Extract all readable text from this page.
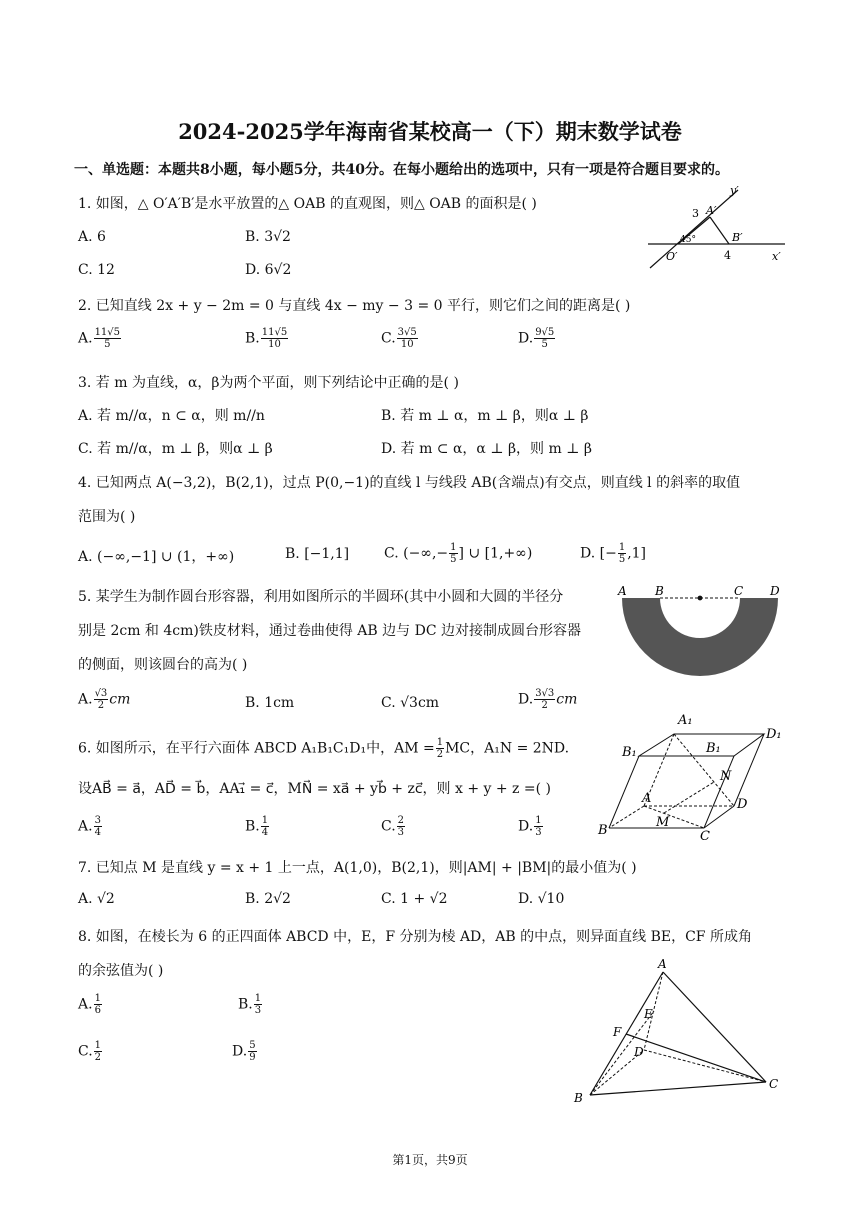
2024-2025学年海南省某校高一（下）期末数学试卷
一、单选题：本题共8小题，每小题5分，共40分。在每小题给出的选项中，只有一项是符合题目要求的。
1. 如图，△ O′A′B′是水平放置的△ OAB 的直观图，则△ OAB 的面积是( )
A. 6	B. 3√2
C. 12	D. 6√2
y′
x′
O′
A′
B′
3
4
45°
2. 已知直线 2x + y − 2m = 0 与直线 4x − my − 3 = 0 平行，则它们之间的距离是( )
A. $\frac{11√5}{5}$	B. $\frac{11√5}{10}$	C. $\frac{3√5}{10}$	D. $\frac{9√5}{5}$
3. 若 m 为直线，α，β为两个平面，则下列结论中正确的是( )
A. 若 m//α，n ⊂ α，则 m//n	B. 若 m ⊥ α，m ⊥ β，则α ⊥ β
C. 若 m//α，m ⊥ β，则α ⊥ β	D. 若 m ⊂ α，α ⊥ β，则 m ⊥ β
4. 已知两点 A(−3,2)，B(2,1)，过点 P(0,−1)的直线 l 与线段 AB(含端点)有交点，则直线 l 的斜率的取值
范围为( )
A. (−∞,−1] ∪ (1，+∞)	B. [−1,1] C. (−∞,− $\frac{1}{5}$ ] ∪ [1,+∞)	D. [− $\frac{1}{5} ,1$]
5. 某学生为制作圆台形容器，利用如图所示的半圆环(其中小圆和大圆的半径分
别是 2cm 和 4cm)铁皮材料，通过卷曲使得 AB 边与 DC 边对接制成圆台形容器
的侧面，则该圆台的高为( )
A. $\frac{√3}{2}$ cm	B. 1cm	C. √3cm	D. $\frac{3√3}{2}$ cm
A B	C D
6. 如图所示，在平行六面体 ABCD A₁B₁C₁D₁中，AM = $\frac{1}{2}$ MC，A₁N = 2ND.
设AB⃗ = a⃗，AD⃗ = b⃗，AA₁⃗ = c⃗，MN⃗ = xa⃗ + yb⃗ + zc⃗，则 x + y + z =( )
A. $\frac{3}{4}$	B. $\frac{1}{4}$	C. $\frac{2}{3}$	D. $\frac{1}{3}$
A₁
B₁	B₁
D₁
A
B	C
D
M
N
7. 已知点 M 是直线 y = x + 1 上一点，A(1,0)，B(2,1)，则|AM| + |BM|的最小值为( )
A. √2	B. 2√2	C. 1 + √2	D. √10
8. 如图，在棱长为 6 的正四面体 ABCD 中，E，F 分别为棱 AD，AB 的中点，则异面直线 BE，CF 所成角
的余弦值为( )
A. $\frac{1}{6}$	B. $\frac{1}{3}$
C. $\frac{1}{2}$	D. $\frac{5}{9}$
A
B
C
D
E
F
第1页，共9页
